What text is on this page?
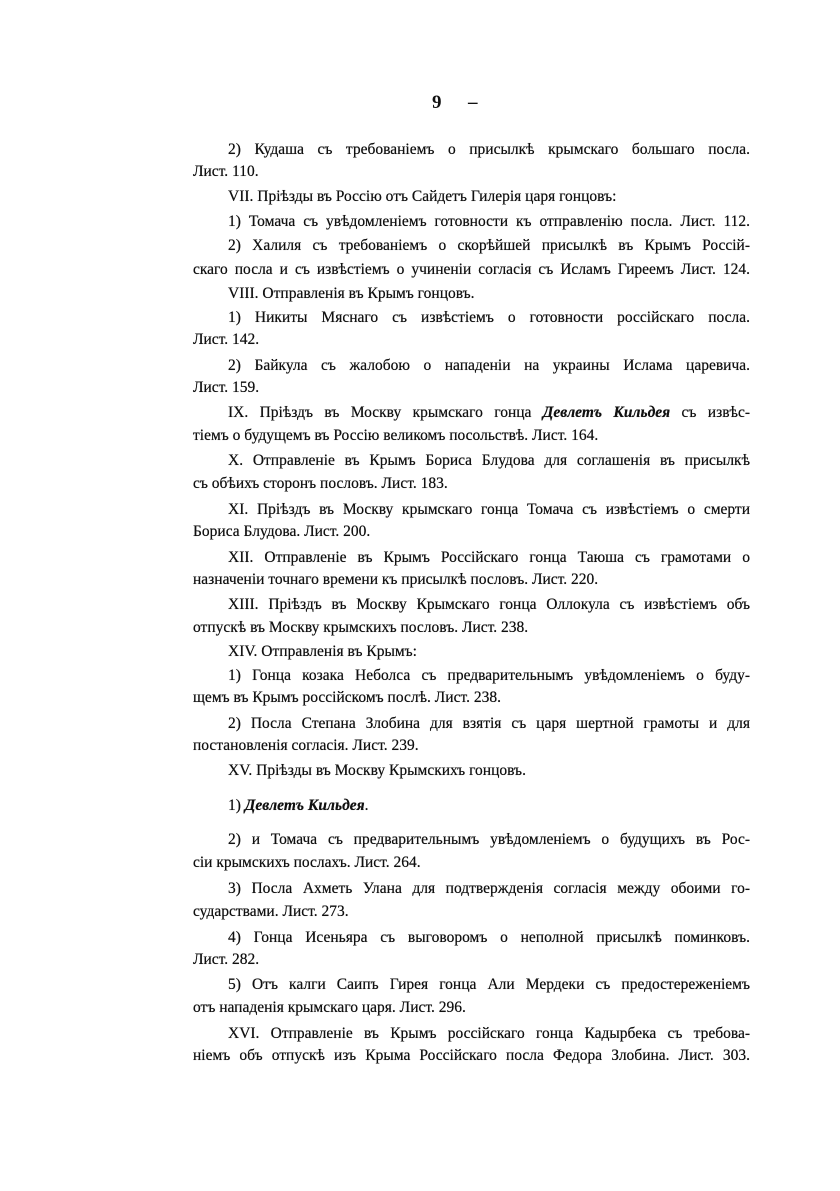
9 –
2) Кудаша съ требованіемъ о присылкѣ крымскаго большаго посла.
Лист. 110.
VII. Пріѣзды въ Россію отъ Сайдетъ Гилерія царя гонцовъ:
1) Томача съ увѣдомленіемъ готовности къ отправленію посла. Лист. 112.
2) Халиля съ требованіемъ о скорѣйшей присылкѣ въ Крымъ Россій-
скаго посла и съ извѣстіемъ о учиненіи согласія съ Исламъ Гиреемъ Лист. 124.
VIII. Отправленія въ Крымъ гонцовъ.
1) Никиты Мяснаго съ извѣстіемъ о готовности россійскаго посла.
Лист. 142.
2) Байкула съ жалобою о нападеніи на украины Ислама царевича.
Лист. 159.
IX. Пріѣздъ въ Москву крымскаго гонца Девлетъ Кильдея съ извѣс-
тіемъ о будущемъ въ Россію великомъ посольствѣ. Лист. 164.
X. Отправленіе въ Крымъ Бориса Блудова для соглашенія въ присылкѣ
съ обѣихъ сторонъ пословъ. Лист. 183.
XI. Пріѣздъ въ Москву крымскаго гонца Томача съ извѣстіемъ о смерти
Бориса Блудова. Лист. 200.
XII. Отправленіе въ Крымъ Россійскаго гонца Таюша съ грамотами о
назначеніи точнаго времени къ присылкѣ пословъ. Лист. 220.
XIII. Пріѣздъ въ Москву Крымскаго гонца Оллокула съ извѣстіемъ объ
отпускѣ въ Москву крымскихъ пословъ. Лист. 238.
XIV. Отправленія въ Крымъ:
1) Гонца козака Неболса съ предварительнымъ увѣдомленіемъ о буду-
щемъ въ Крымъ россійскомъ послѣ. Лист. 238.
2) Посла Степана Злобина для взятія съ царя шертной грамоты и для
постановленія согласія. Лист. 239.
XV. Пріѣзды въ Москву Крымскихъ гонцовъ.
1) Девлетъ Кильдея.
2) и Томача съ предварительнымъ увѣдомленіемъ о будущихъ въ Рос-
сіи крымскихъ послахъ. Лист. 264.
3) Посла Ахметь Улана для подтвержденія согласія между обоими го-
сударствами. Лист. 273.
4) Гонца Исеньяра съ выговоромъ о неполной присылкѣ поминковъ.
Лист. 282.
5) Отъ калги Саипъ Гирея гонца Али Мердеки съ предостереженіемъ
отъ нападенія крымскаго царя. Лист. 296.
XVI. Отправленіе въ Крымъ россійскаго гонца Кадырбека съ требова-
ніемъ объ отпускѣ изъ Крыма Россійскаго посла Федора Злобина. Лист. 303.
